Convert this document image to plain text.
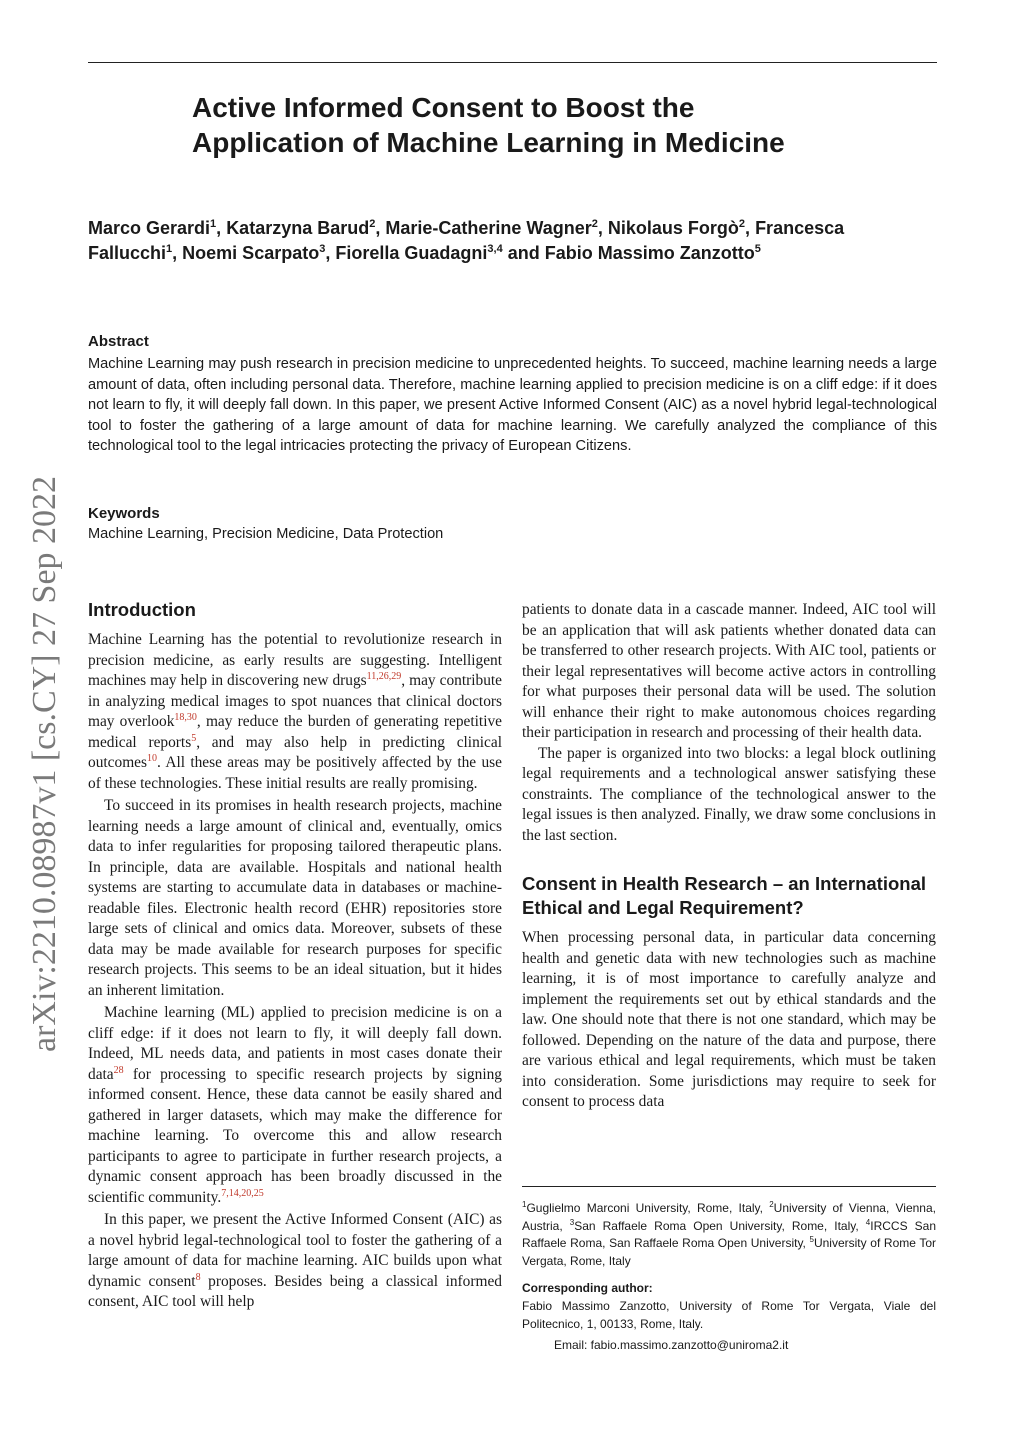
arXiv:2210.08987v1 [cs.CY] 27 Sep 2022
Active Informed Consent to Boost the Application of Machine Learning in Medicine

Marco Gerardi$^1$, Katarzyna Barud$^2$, Marie-Catherine Wagner$^2$, Nikolaus Forgò$^2$, Francesca Fallucchi$^1$, Noemi Scarpato$^3$, Fiorella Guadagni$^{3,4}$ and Fabio Massimo Zanzotto$^5$

Abstract

Machine Learning may push research in precision medicine to unprecedented heights. To succeed, machine learning needs a large amount of data, often including personal data. Therefore, machine learning applied to precision medicine is on a cliff edge: if it does not learn to fly, it will deeply fall down. In this paper, we present Active Informed Consent (AIC) as a novel hybrid legal-technological tool to foster the gathering of a large amount of data for machine learning. We carefully analyzed the compliance of this technological tool to the legal intricacies protecting the privacy of European Citizens.

Keywords

Machine Learning, Precision Medicine, Data Protection

Introduction

Machine Learning has the potential to revolutionize research in precision medicine, as early results are suggesting. Intelligent machines may help in discovering new drugs$^{11,26,29}$, may contribute in analyzing medical images to spot nuances that clinical doctors may overlook$^{18,30}$, may reduce the burden of generating repetitive medical reports$^5$, and may also help in predicting clinical outcomes$^{10}$. All these areas may be positively affected by the use of these technologies. These initial results are really promising.

To succeed in its promises in health research projects, machine learning needs a large amount of clinical and, eventually, omics data to infer regularities for proposing tailored therapeutic plans. In principle, data are available. Hospitals and national health systems are starting to accumulate data in databases or machine-readable files. Electronic health record (EHR) repositories store large sets of clinical and omics data. Moreover, subsets of these data may be made available for research purposes for specific research projects. This seems to be an ideal situation, but it hides an inherent limitation.

Machine learning (ML) applied to precision medicine is on a cliff edge: if it does not learn to fly, it will deeply fall down. Indeed, ML needs data, and patients in most cases donate their data$^{28}$ for processing to specific research projects by signing informed consent. Hence, these data cannot be easily shared and gathered in larger datasets, which may make the difference for machine learning. To overcome this and allow research participants to agree to participate in further research projects, a dynamic consent approach has been broadly discussed in the scientific community.$^{7,14,20,25}$

In this paper, we present the Active Informed Consent (AIC) as a novel hybrid legal-technological tool to foster the gathering of a large amount of data for machine learning. AIC builds upon what dynamic consent$^8$ proposes. Besides being a classical informed consent, AIC tool will help

patients to donate data in a cascade manner. Indeed, AIC tool will be an application that will ask patients whether donated data can be transferred to other research projects. With AIC tool, patients or their legal representatives will become active actors in controlling for what purposes their personal data will be used. The solution will enhance their right to make autonomous choices regarding their participation in research and processing of their health data.

The paper is organized into two blocks: a legal block outlining legal requirements and a technological answer satisfying these constraints. The compliance of the technological answer to the legal issues is then analyzed. Finally, we draw some conclusions in the last section.

Consent in Health Research – an International Ethical and Legal Requirement?

When processing personal data, in particular data concerning health and genetic data with new technologies such as machine learning, it is of most importance to carefully analyze and implement the requirements set out by ethical standards and the law. One should note that there is not one standard, which may be followed. Depending on the nature of the data and purpose, there are various ethical and legal requirements, which must be taken into consideration. Some jurisdictions may require to seek for consent to process data

$^1$Guglielmo Marconi University, Rome, Italy, $^2$University of Vienna, Vienna, Austria, $^3$San Raffaele Roma Open University, Rome, Italy, $^4$IRCCS San Raffaele Roma, San Raffaele Roma Open University, $^5$University of Rome Tor Vergata, Rome, Italy

Corresponding author:

Fabio Massimo Zanzotto, University of Rome Tor Vergata, Viale del Politecnico, 1, 00133, Rome, Italy.

Email: fabio.massimo.zanzotto@uniroma2.it
